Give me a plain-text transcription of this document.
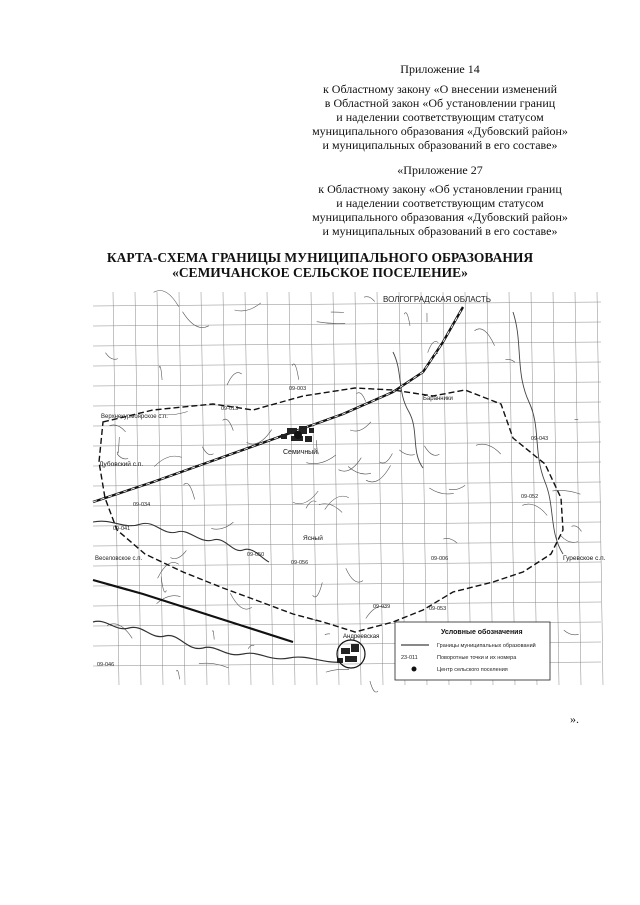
Приложение 14
к Областному закону «О внесении изменений
в Областной закон «Об установлении границ
и наделении соответствующим статусом
муниципального образования «Дубовский район»
и муниципальных образований в его составе»
«Приложение 27
к Областному закону «Об установлении границ
и наделении соответствующим статусом
муниципального образования «Дубовский район»
и муниципальных образований в его составе»
КАРТА-СХЕМА ГРАНИЦЫ МУНИЦИПАЛЬНОГО ОБРАЗОВАНИЯ
«СЕМИЧАНСКОЕ СЕЛЬСКОЕ ПОСЕЛЕНИЕ»
ВОЛГОГРАДСКАЯ ОБЛАСТЬ
Семичный
Дубовский с.п.
Верхнекурмоярское с.п.
Веселовское с.п.	Гуревское с.п.
Ясный
Андреевская
Баранники
09-013
09-003
09-056
09-052
09-043
09-006
09-039	09-053
09-034
09-046
09-041
09-050
Условные обозначения
Границы муниципальных образований
23-011	Поворотные точки и их номера
Центр сельского поселения
».
